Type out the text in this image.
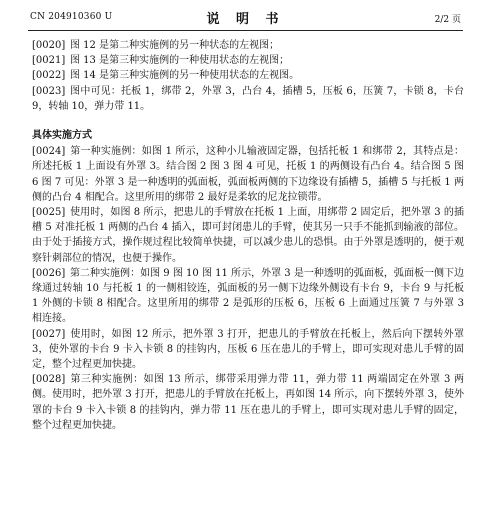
CN 204910360 U	说 明 书	2/2 页

[0020] 图 12 是第二种实施例的另一种状态的左视图；

[0021] 图 13 是第三种实施例的一种使用状态的左视图；

[0022] 图 14 是第三种实施例的另一种使用状态的左视图。

[0023] 图中可见：托板 1，绑带 2，外罩 3，凸台 4，插槽 5，压板 6，压簧 7，卡锁 8，卡台 9，转轴 10，弹力带 11。

具体实施方式

[0024] 第一种实施例：如图 1 所示，这种小儿输液固定器，包括托板 1 和绑带 2，其特点是：所述托板 1 上面设有外罩 3。结合图 2 图 3 图 4 可见，托板 1 的两侧设有凸台 4。结合图 5 图 6 图 7 可见：外罩 3 是一种透明的弧面板，弧面板两侧的下边缘设有插槽 5，插槽 5 与托板 1 两侧的凸台 4 相配合。这里所用的绑带 2 最好是柔软的尼龙拉锁带。

[0025] 使用时，如图 8 所示，把患儿的手臂放在托板 1 上面，用绑带 2 固定后，把外罩 3 的插槽 5 对准托板 1 两侧的凸台 4 插入，即可封闭患儿的手臂，使其另一只手不能抓到输液的部位。由于处于插接方式，操作规过程比较简单快捷，可以减少患儿的恐惧。由于外罩是透明的，便于观察针刺部位的情况，也便于操作。

[0026] 第二种实施例：如图 9 图 10 图 11 所示，外罩 3 是一种透明的弧面板，弧面板一侧下边缘通过转轴 10 与托板 1 的一侧相铰连，弧面板的另一侧下边缘外侧设有卡台 9，卡台 9 与托板 1 外侧的卡锁 8 相配合。这里所用的绑带 2 是弧形的压板 6，压板 6 上面通过压簧 7 与外罩 3 相连接。

[0027] 使用时，如图 12 所示，把外罩 3 打开，把患儿的手臂放在托板上，然后向下摆转外罩 3，使外罩的卡台 9 卡入卡锁 8 的挂钩内，压板 6 压在患儿的手臂上，即可实现对患儿手臂的固定，整个过程更加快捷。

[0028] 第三种实施例：如图 13 所示，绑带采用弹力带 11，弹力带 11 两端固定在外罩 3 两侧。使用时，把外罩 3 打开，把患儿的手臂放在托板上，再如图 14 所示，向下摆转外罩 3，使外罩的卡台 9 卡入卡锁 8 的挂钩内，弹力带 11 压在患儿的手臂上，即可实现对患儿手臂的固定，整个过程更加快捷。
